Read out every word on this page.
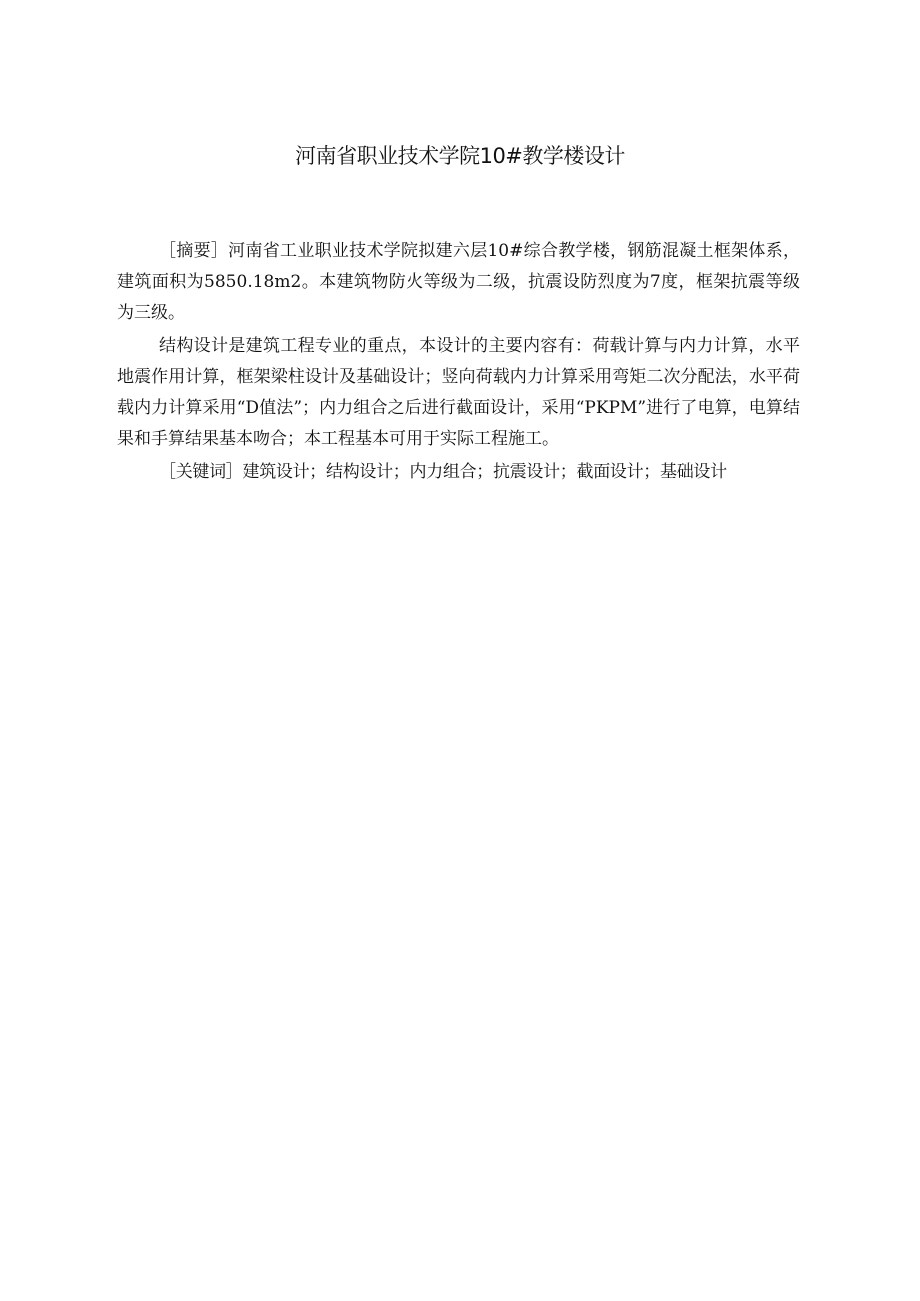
河南省职业技术学院10#教学楼设计

［摘要］河南省工业职业技术学院拟建六层10#综合教学楼，钢筋混凝土框架体系，建筑面积为5850.18m2。本建筑物防火等级为二级，抗震设防烈度为7度，框架抗震等级为三级。

结构设计是建筑工程专业的重点，本设计的主要内容有：荷载计算与内力计算，水平地震作用计算，框架梁柱设计及基础设计；竖向荷载内力计算采用弯矩二次分配法，水平荷载内力计算采用“D值法”；内力组合之后进行截面设计，采用“PKPM”进行了电算，电算结果和手算结果基本吻合；本工程基本可用于实际工程施工。

［关键词］建筑设计；结构设计；内力组合；抗震设计；截面设计；基础设计
